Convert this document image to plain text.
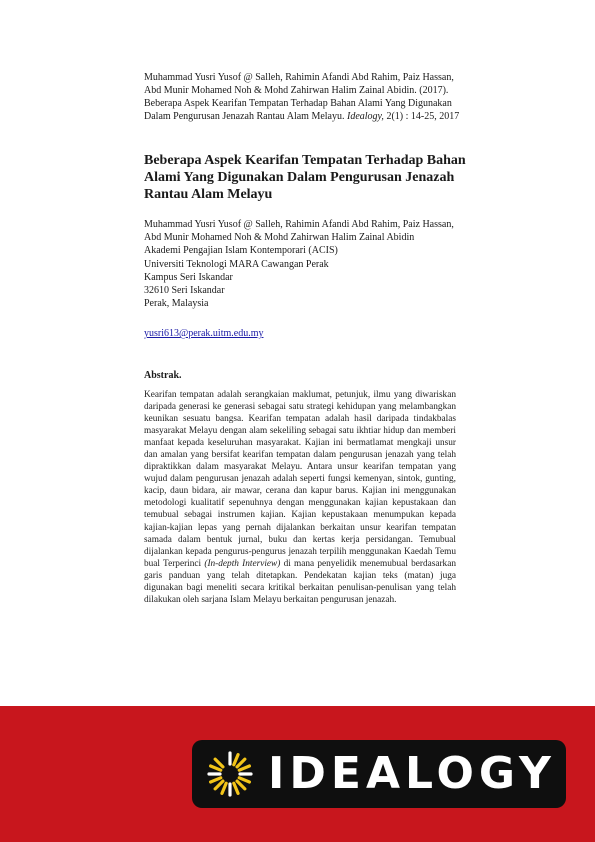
Muhammad Yusri Yusof @ Salleh, Rahimin Afandi Abd Rahim, Paiz Hassan,
Abd Munir Mohamed Noh & Mohd Zahirwan Halim Zainal Abidin. (2017).
Beberapa Aspek Kearifan Tempatan Terhadap Bahan Alami Yang Digunakan
Dalam Pengurusan Jenazah Rantau Alam Melayu. Idealogy, 2(1) : 14-25, 2017
Beberapa Aspek Kearifan Tempatan Terhadap Bahan
Alami Yang Digunakan Dalam Pengurusan Jenazah
Rantau Alam Melayu
Muhammad Yusri Yusof @ Salleh, Rahimin Afandi Abd Rahim, Paiz Hassan,
Abd Munir Mohamed Noh & Mohd Zahirwan Halim Zainal Abidin
Akademi Pengajian Islam Kontemporari (ACIS)
Universiti Teknologi MARA Cawangan Perak
Kampus Seri Iskandar
32610 Seri Iskandar
Perak, Malaysia
yusri613@perak.uitm.edu.my
Abstrak.

Kearifan tempatan adalah serangkaian maklumat, petunjuk, ilmu yang diwariskan daripada generasi ke generasi sebagai satu strategi kehidupan yang melambangkan keunikan sesuatu bangsa. Kearifan tempatan adalah hasil daripada tindakbalas masyarakat Melayu dengan alam sekeliling sebagai satu ikhtiar hidup dan memberi manfaat kepada keseluruhan masyarakat. Kajian ini bermatlamat mengkaji unsur dan amalan yang bersifat kearifan tempatan dalam pengurusan jenazah yang telah dipraktikkan dalam masyarakat Melayu. Antara unsur kearifan tempatan yang wujud dalam pengurusan jenazah adalah seperti fungsi kemenyan, sintok, gunting, kacip, daun bidara, air mawar, cerana dan kapur barus. Kajian ini menggunakan metodologi kualitatif sepenuhnya dengan menggunakan kajian kepustakaan dan temubual sebagai instrumen kajian. Kajian kepustakaan menumpukan kepada kajian-kajian lepas yang pernah dijalankan berkaitan unsur kearifan tempatan samada dalam bentuk jurnal, buku dan kertas kerja persidangan. Temubual dijalankan kepada pengurus-pengurus jenazah terpilih menggunakan Kaedah Temu bual Terperinci (In-depth Interview) di mana penyelidik menemubual berdasarkan garis panduan yang telah ditetapkan. Pendekatan kajian teks (matan) juga digunakan bagi meneliti secara kritikal berkaitan penulisan-penulisan yang telah dilakukan oleh sarjana Islam Melayu berkaitan pengurusan jenazah.

IDEALOGY
